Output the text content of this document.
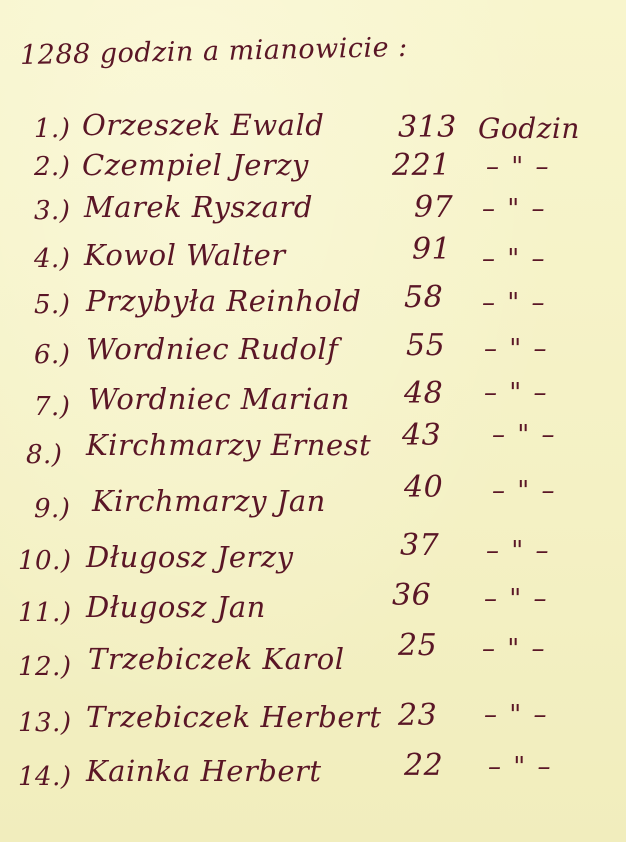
1288 godzin a mianowicie :
1.) Orzeszek Ewald 313 Godzin
2.) Czempiel Jerzy	221 – " –
3.) Marek Ryszard	97 – " –
4.) Kowol Walter	91 – " –
5.) Przybyła Reinhold 58 – " –
6.) Wordniec Rudolf 55 – " –
7.) Wordniec Marian 48 – " –
8.) Kirchmarzy Ernest 43 – " –
9.) Kirchmarzy Jan	40 – " –
10.) Długosz Jerzy	37 – " –
11.) Długosz Jan	36 – " –
12.) Trzebiczek Karol 25 – " –
13.) Trzebiczek Herbert 23 – " –
14.) Kainka Herbert	22 – " –
